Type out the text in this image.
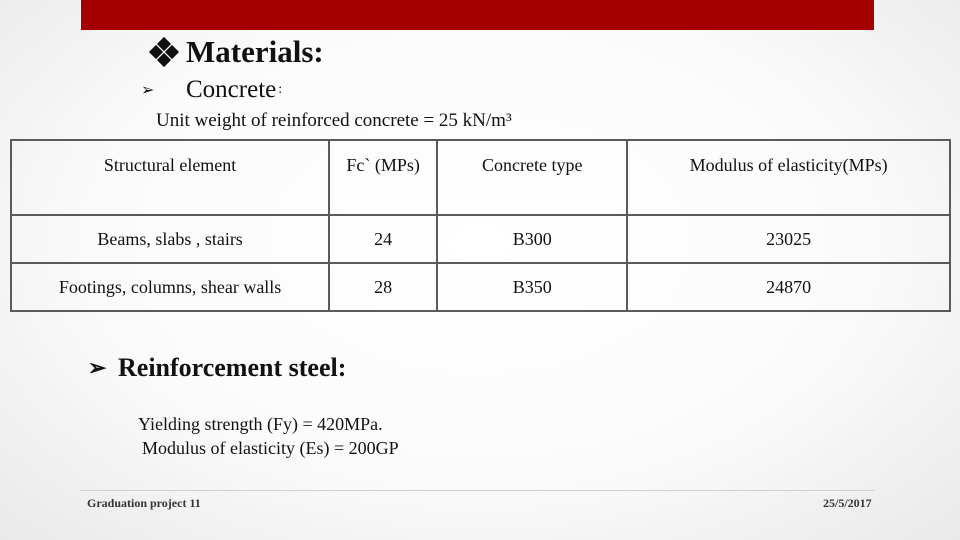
Materials:
➢	Concrete :
Unit weight of reinforced concrete = 25 kN/m³
Structural element	Fc` (MPs)	Concrete type	Modulus of elasticity(MPs)
Beams, slabs , stairs	24	B300	23025
Footings, columns, shear walls	28	B350	24870
➢ Reinforcement steel:
Yielding strength (Fy) = 420MPa.
Modulus of elasticity (Es) = 200GP
Graduation project 11	25/5/2017
